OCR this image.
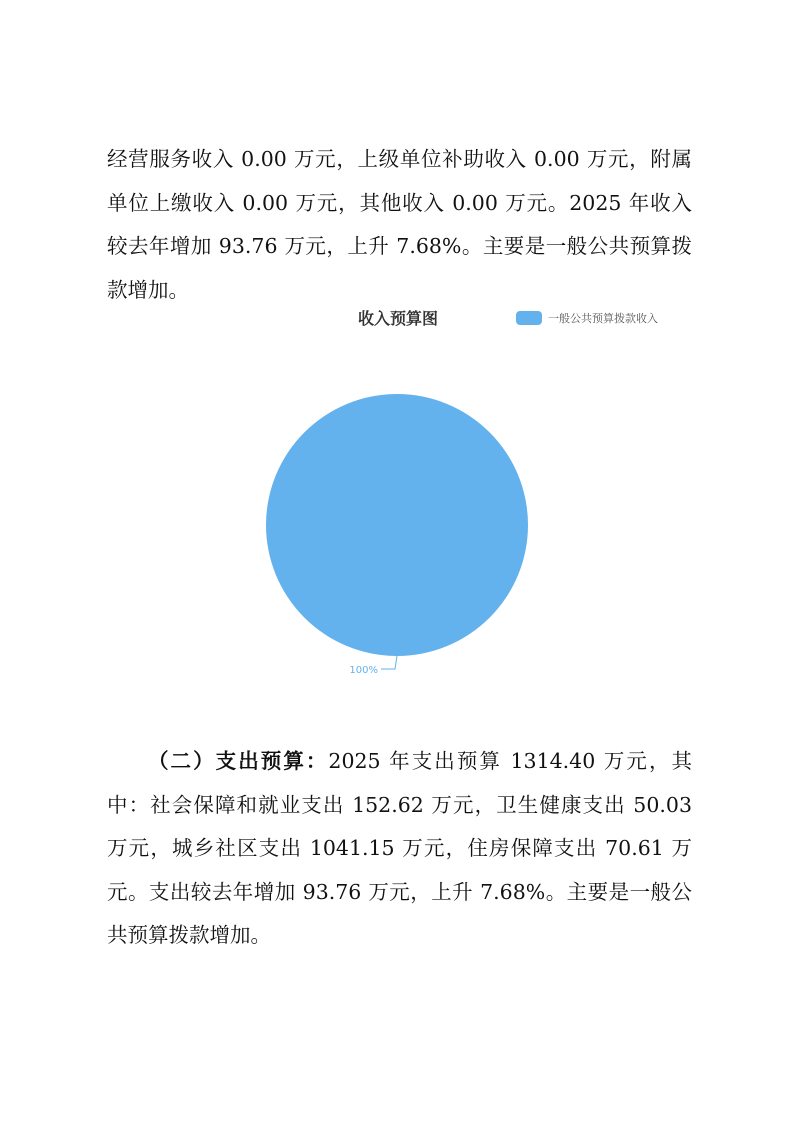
经营服务收入 0.00 万元，上级单位补助收入 0.00 万元，附属单位上缴收入 0.00 万元，其他收入 0.00 万元。2025 年收入较去年增加 93.76 万元，上升 7.68%。主要是一般公共预算拨款增加。

收入预算图	一般公共预算拨款收入
100%

（二）支出预算：2025 年支出预算 1314.40 万元，其中：社会保障和就业支出 152.62 万元，卫生健康支出 50.03 万元，城乡社区支出 1041.15 万元，住房保障支出 70.61 万元。支出较去年增加 93.76 万元，上升 7.68%。主要是一般公共预算拨款增加。
